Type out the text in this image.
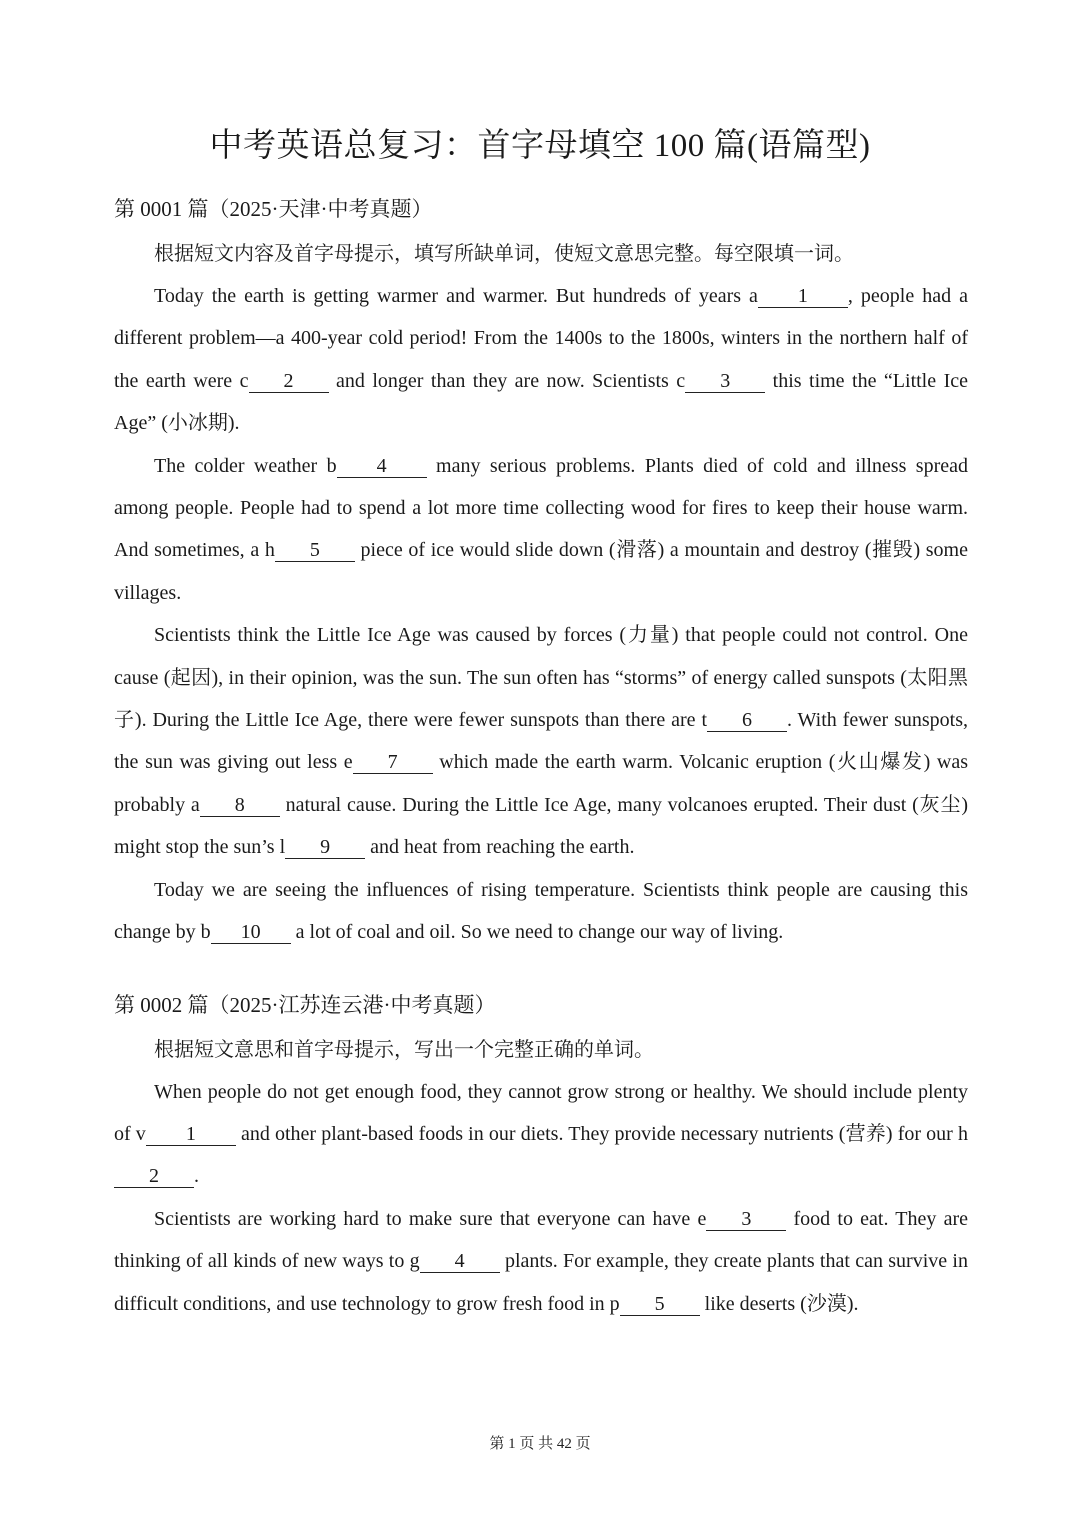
中考英语总复习：首字母填空 100 篇(语篇型)
第 0001 篇（2025·天津·中考真题）

根据短文内容及首字母提示，填写所缺单词，使短文意思完整。每空限填一词。

Today the earth is getting warmer and warmer. But hundreds of years a 1 , people had a different problem—a 400-year cold period! From the 1400s to the 1800s, winters in the northern half of the earth were c 2 and longer than they are now. Scientists c 3 this time the “Little Ice Age” (小冰期).

The colder weather b 4 many serious problems. Plants died of cold and illness spread among people. People had to spend a lot more time collecting wood for fires to keep their house warm. And sometimes, a h 5 piece of ice would slide down (滑落) a mountain and destroy (摧毁) some villages.

Scientists think the Little Ice Age was caused by forces (力量) that people could not control. One cause (起因), in their opinion, was the sun. The sun often has “storms” of energy called sunspots (太阳黑子). During the Little Ice Age, there were fewer sunspots than there are t 6 . With fewer sunspots, the sun was giving out less e 7 which made the earth warm. Volcanic eruption (火山爆发) was probably a 8 natural cause. During the Little Ice Age, many volcanoes erupted. Their dust (灰尘) might stop the sun’s l 9 and heat from reaching the earth.

Today we are seeing the influences of rising temperature. Scientists think people are causing this change by b 10 a lot of coal and oil. So we need to change our way of living.

第 0002 篇（2025·江苏连云港·中考真题）

根据短文意思和首字母提示，写出一个完整正确的单词。

When people do not get enough food, they cannot grow strong or healthy. We should include plenty of v 1 and other plant-based foods in our diets. They provide necessary nutrients (营养) for our h2 .

Scientists are working hard to make sure that everyone can have e 3 food to eat. They are thinking of all kinds of new ways to g 4 plants. For example, they create plants that can survive in difficult conditions, and use technology to grow fresh food in p 5 like deserts (沙漠).

第 1 页 共 42 页
